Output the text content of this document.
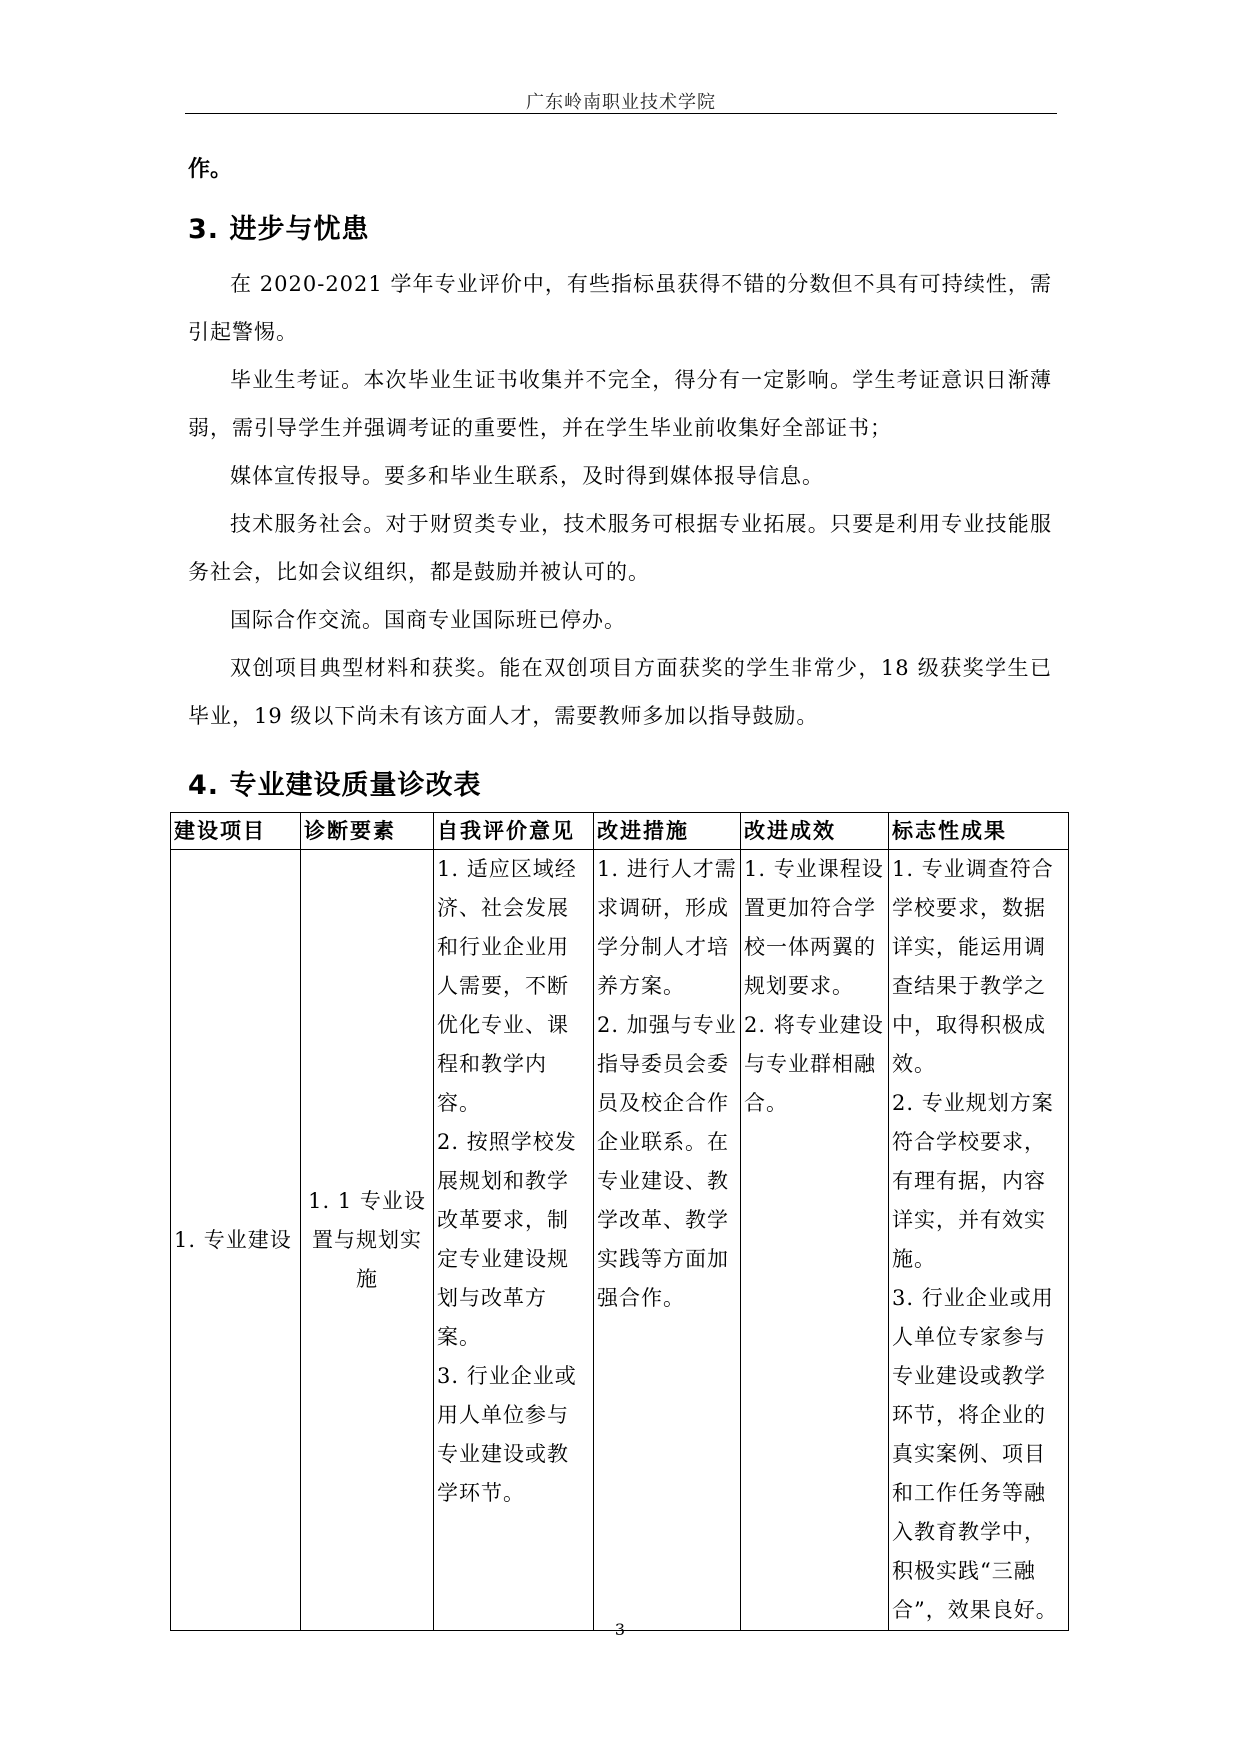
广东岭南职业技术学院

作。

3. 进步与忧患

在 2020-2021 学年专业评价中，有些指标虽获得不错的分数但不具有可持续性，需引起警惕。

毕业生考证。本次毕业生证书收集并不完全，得分有一定影响。学生考证意识日渐薄弱，需引导学生并强调考证的重要性，并在学生毕业前收集好全部证书；

媒体宣传报导。要多和毕业生联系，及时得到媒体报导信息。

技术服务社会。对于财贸类专业，技术服务可根据专业拓展。只要是利用专业技能服务社会，比如会议组织，都是鼓励并被认可的。

国际合作交流。国商专业国际班已停办。

双创项目典型材料和获奖。能在双创项目方面获奖的学生非常少，18 级获奖学生已毕业，19 级以下尚未有该方面人才，需要教师多加以指导鼓励。

4. 专业建设质量诊改表
建设项目	诊断要素	自我评价意见	改进措施	改进成效	标志性成果
1. 专业建设	1. 1 专业设置与规划实施	1. 适应区域经济、社会发展和行业企业用人需要，不断优化专业、课程和教学内容。
2. 按照学校发展规划和教学改革要求，制定专业建设规划与改革方案。
3. 行业企业或用人单位参与专业建设或教学环节。	1. 进行人才需求调研，形成学分制人才培养方案。
2. 加强与专业指导委员会委员及校企合作企业联系。在专业建设、教学改革、教学实践等方面加强合作。	1. 专业课程设置更加符合学校一体两翼的规划要求。
2. 将专业建设与专业群相融合。	1. 专业调查符合学校要求，数据详实，能运用调查结果于教学之中，取得积极成效。
2. 专业规划方案符合学校要求，有理有据，内容详实，并有效实施。
3. 行业企业或用人单位专家参与专业建设或教学环节，将企业的真实案例、项目和工作任务等融入教育教学中，积极实践“三融合”，效果良好。
3
